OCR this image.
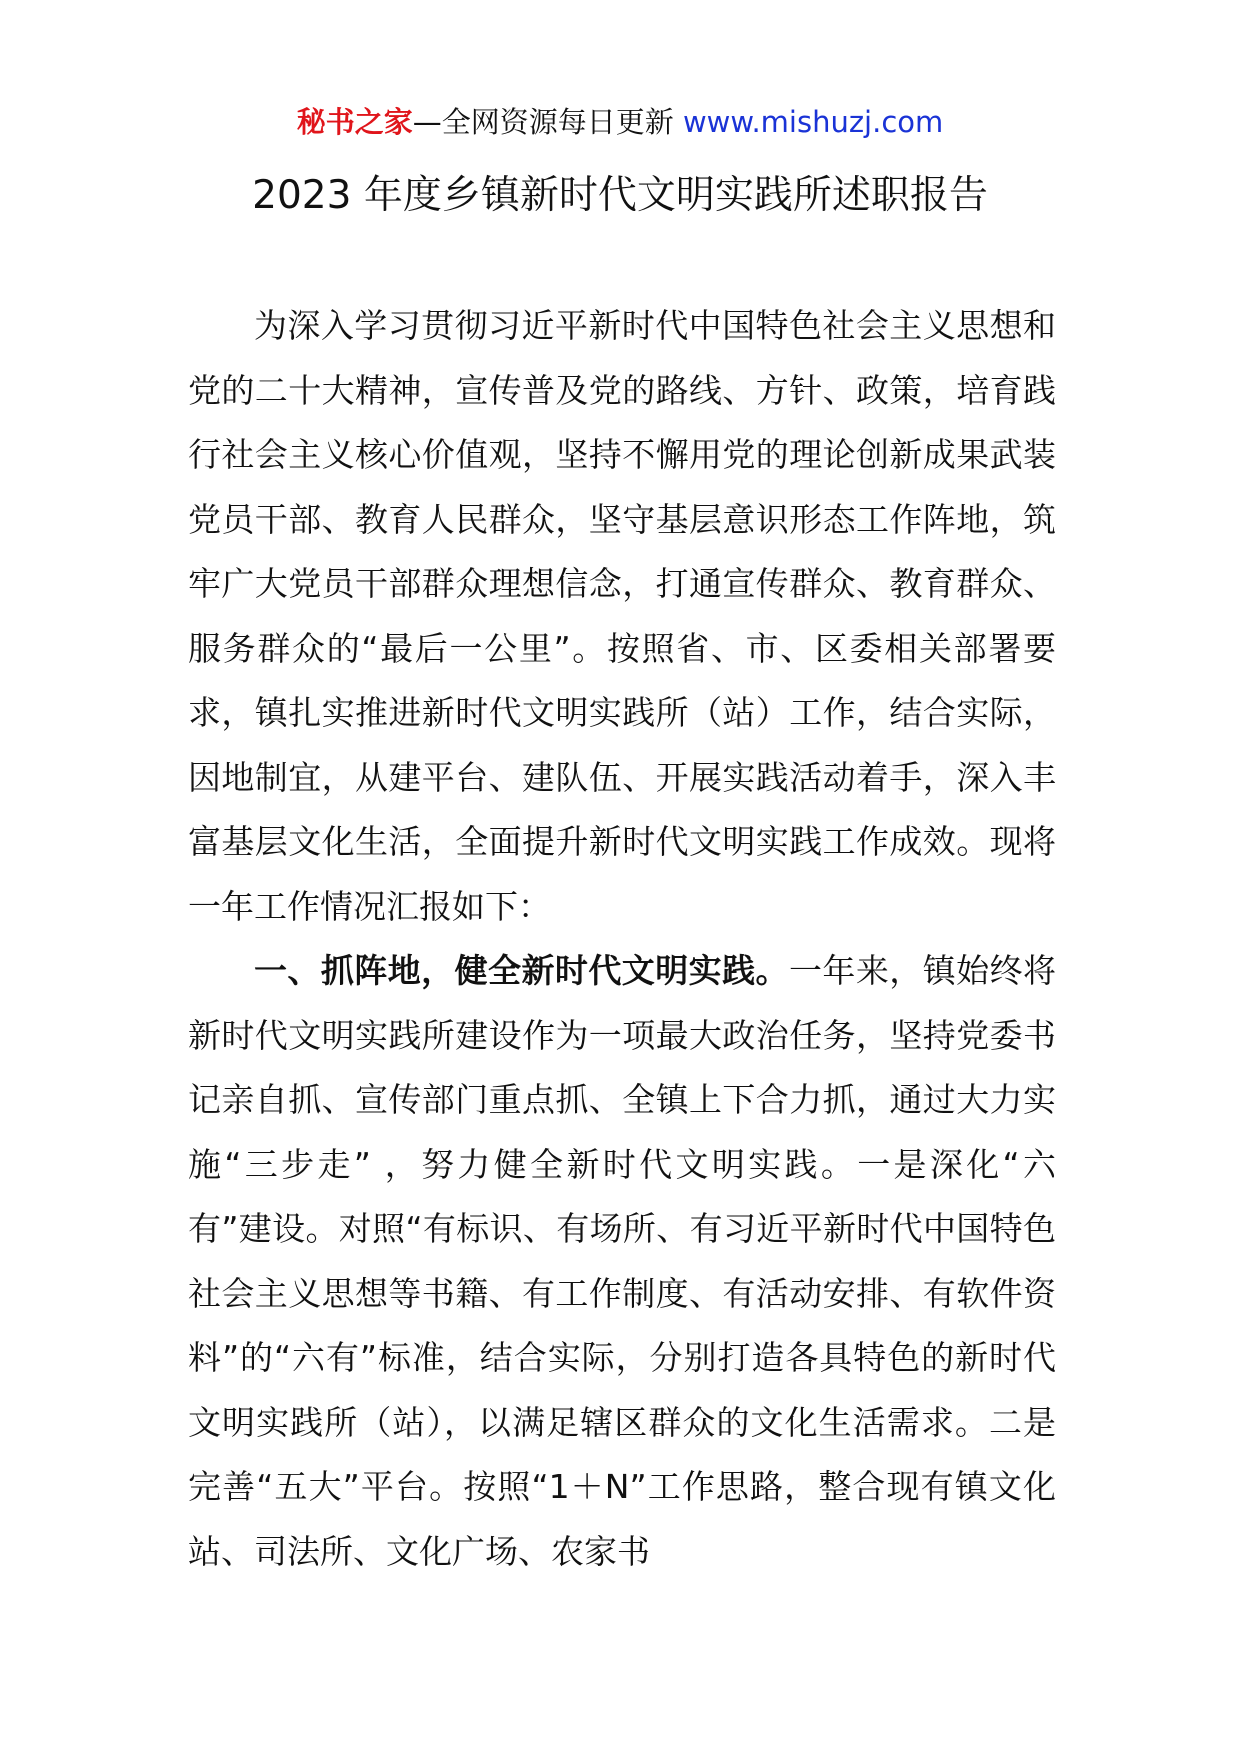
秘书之家—全网资源每日更新 www.mishuzj.com
2023 年度乡镇新时代文明实践所述职报告

为深入学习贯彻习近平新时代中国特色社会主义思想和党的二十大精神，宣传普及党的路线、方针、政策，培育践行社会主义核心价值观，坚持不懈用党的理论创新成果武装党员干部、教育人民群众，坚守基层意识形态工作阵地，筑牢广大党员干部群众理想信念，打通宣传群众、教育群众、服务群众的“最后一公里”。按照省、市、区委相关部署要求，镇扎实推进新时代文明实践所（站）工作，结合实际，因地制宜，从建平台、建队伍、开展实践活动着手，深入丰富基层文化生活，全面提升新时代文明实践工作成效。现将一年工作情况汇报如下：

一、抓阵地，健全新时代文明实践。一年来，镇始终将新时代文明实践所建设作为一项最大政治任务，坚持党委书记亲自抓、宣传部门重点抓、全镇上下合力抓，通过大力实施“三步走” ，努力健全新时代文明实践。一是深化“六有”建设。对照“有标识、有场所、有习近平新时代中国特色社会主义思想等书籍、有工作制度、有活动安排、有软件资料”的“六有”标准，结合实际，分别打造各具特色的新时代文明实践所（站），以满足辖区群众的文化生活需求。二是完善“五大”平台。按照“1＋N”工作思路，整合现有镇文化站、司法所、文化广场、农家书
